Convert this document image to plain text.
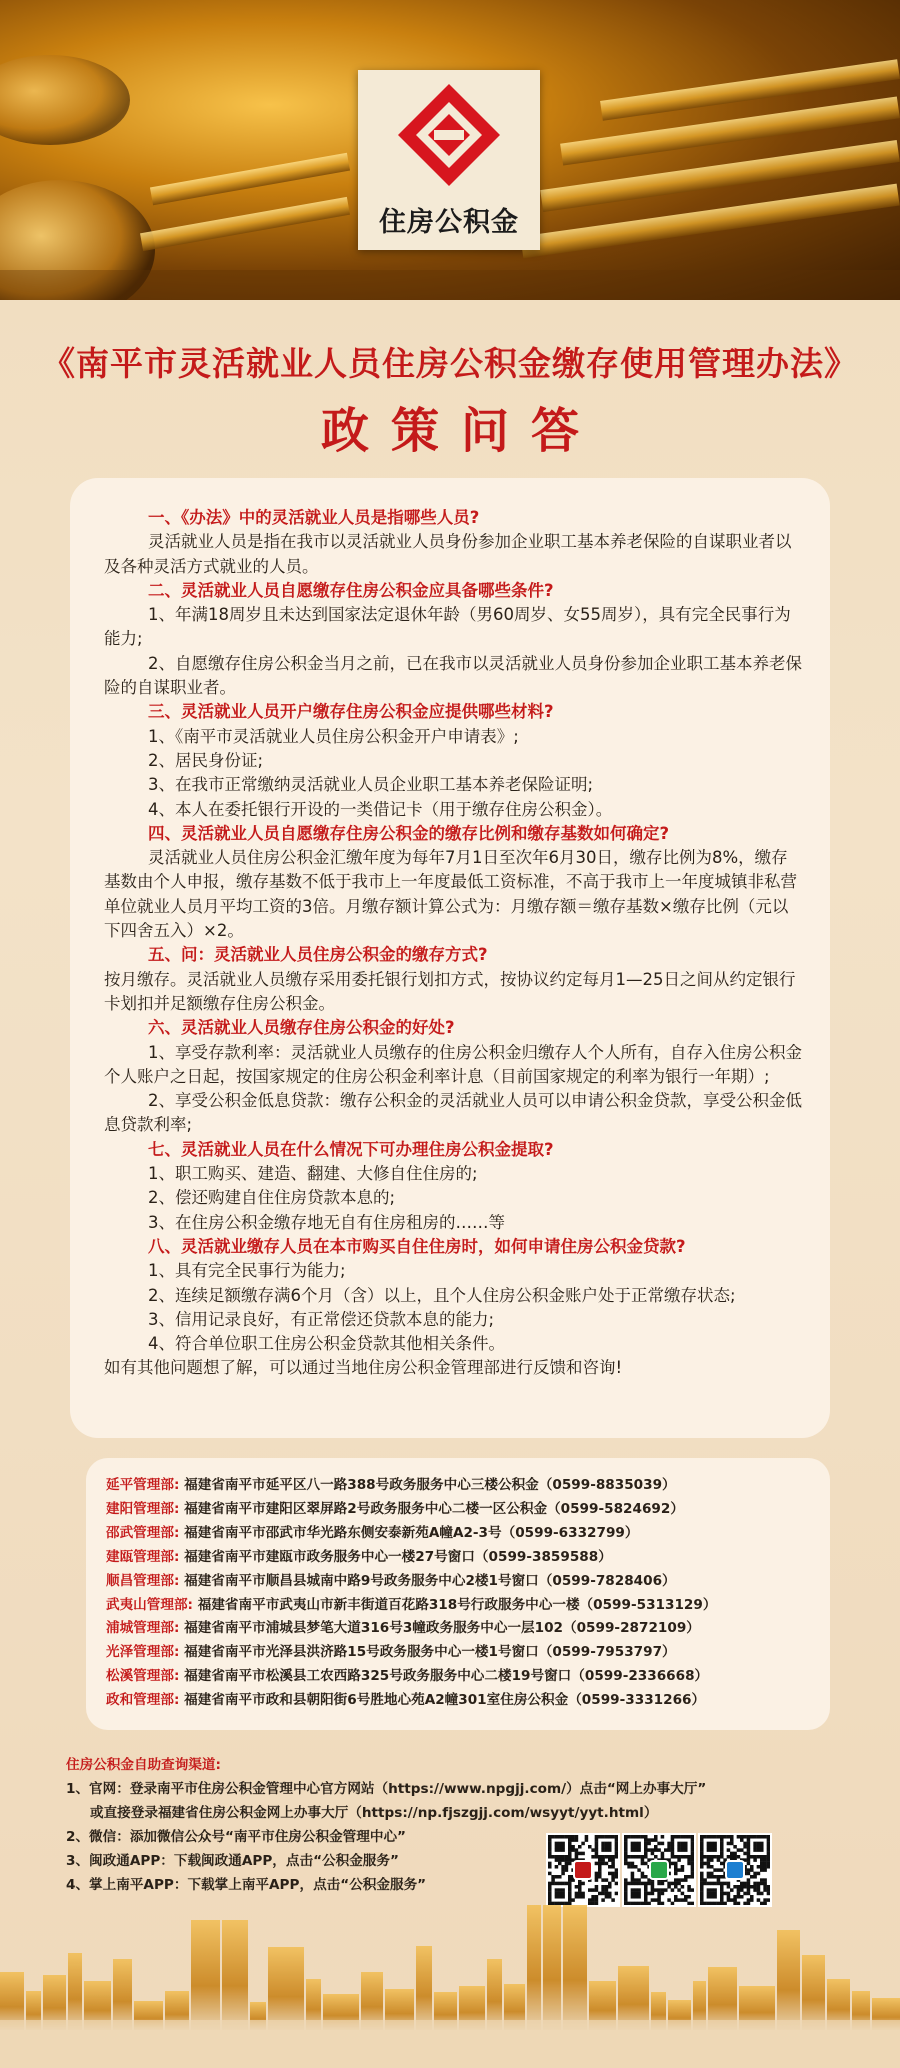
住房公积金
《南平市灵活就业人员住房公积金缴存使用管理办法》
政策问答
一、《办法》中的灵活就业人员是指哪些人员?
灵活就业人员是指在我市以灵活就业人员身份参加企业职工基本养老保险的自谋职业者以及各种灵活方式就业的人员。
二、灵活就业人员自愿缴存住房公积金应具备哪些条件?
1、年满18周岁且未达到国家法定退休年龄（男60周岁、女55周岁），具有完全民事行为能力;
2、自愿缴存住房公积金当月之前，已在我市以灵活就业人员身份参加企业职工基本养老保险的自谋职业者。
三、灵活就业人员开户缴存住房公积金应提供哪些材料?
1、《南平市灵活就业人员住房公积金开户申请表》;
2、居民身份证;
3、在我市正常缴纳灵活就业人员企业职工基本养老保险证明;
4、本人在委托银行开设的一类借记卡（用于缴存住房公积金）。
四、灵活就业人员自愿缴存住房公积金的缴存比例和缴存基数如何确定?
灵活就业人员住房公积金汇缴年度为每年7月1日至次年6月30日，缴存比例为8%，缴存基数由个人申报，缴存基数不低于我市上一年度最低工资标准，不高于我市上一年度城镇非私营单位就业人员月平均工资的3倍。月缴存额计算公式为：月缴存额＝缴存基数×缴存比例（元以下四舍五入）×2。
五、问：灵活就业人员住房公积金的缴存方式?
按月缴存。灵活就业人员缴存采用委托银行划扣方式，按协议约定每月1—25日之间从约定银行卡划扣并足额缴存住房公积金。
六、灵活就业人员缴存住房公积金的好处?
1、享受存款利率：灵活就业人员缴存的住房公积金归缴存人个人所有，自存入住房公积金个人账户之日起，按国家规定的住房公积金利率计息（目前国家规定的利率为银行一年期）;
2、享受公积金低息贷款：缴存公积金的灵活就业人员可以申请公积金贷款，享受公积金低息贷款利率;
七、灵活就业人员在什么情况下可办理住房公积金提取?
1、职工购买、建造、翻建、大修自住住房的;
2、偿还购建自住住房贷款本息的;
3、在住房公积金缴存地无自有住房租房的……等
八、灵活就业缴存人员在本市购买自住住房时，如何申请住房公积金贷款?
1、具有完全民事行为能力;
2、连续足额缴存满6个月（含）以上，且个人住房公积金账户处于正常缴存状态;
3、信用记录良好，有正常偿还贷款本息的能力;
4、符合单位职工住房公积金贷款其他相关条件。
如有其他问题想了解，可以通过当地住房公积金管理部进行反馈和咨询!
延平管理部: 福建省南平市延平区八一路388号政务服务中心三楼公积金（0599-8835039）
建阳管理部: 福建省南平市建阳区翠屏路2号政务服务中心二楼一区公积金（0599-5824692）
邵武管理部: 福建省南平市邵武市华光路东侧安泰新苑A幢A2-3号（0599-6332799）
建瓯管理部: 福建省南平市建瓯市政务服务中心一楼27号窗口（0599-3859588）
顺昌管理部: 福建省南平市顺昌县城南中路9号政务服务中心2楼1号窗口（0599-7828406）
武夷山管理部: 福建省南平市武夷山市新丰街道百花路318号行政服务中心一楼（0599-5313129）
浦城管理部: 福建省南平市浦城县梦笔大道316号3幢政务服务中心一层102（0599-2872109）
光泽管理部: 福建省南平市光泽县洪济路15号政务服务中心一楼1号窗口（0599-7953797）
松溪管理部: 福建省南平市松溪县工农西路325号政务服务中心二楼19号窗口（0599-2336668）
政和管理部: 福建省南平市政和县朝阳街6号胜地心苑A2幢301室住房公积金（0599-3331266）
住房公积金自助查询渠道:
1、官网：登录南平市住房公积金管理中心官方网站（https://www.npgjj.com/）点击“网上办事大厅”
或直接登录福建省住房公积金网上办事大厅（https://np.fjszgjj.com/wsyyt/yyt.html）
2、微信：添加微信公众号“南平市住房公积金管理中心”
3、闽政通APP：下载闽政通APP，点击“公积金服务”
4、掌上南平APP：下载掌上南平APP，点击“公积金服务”
